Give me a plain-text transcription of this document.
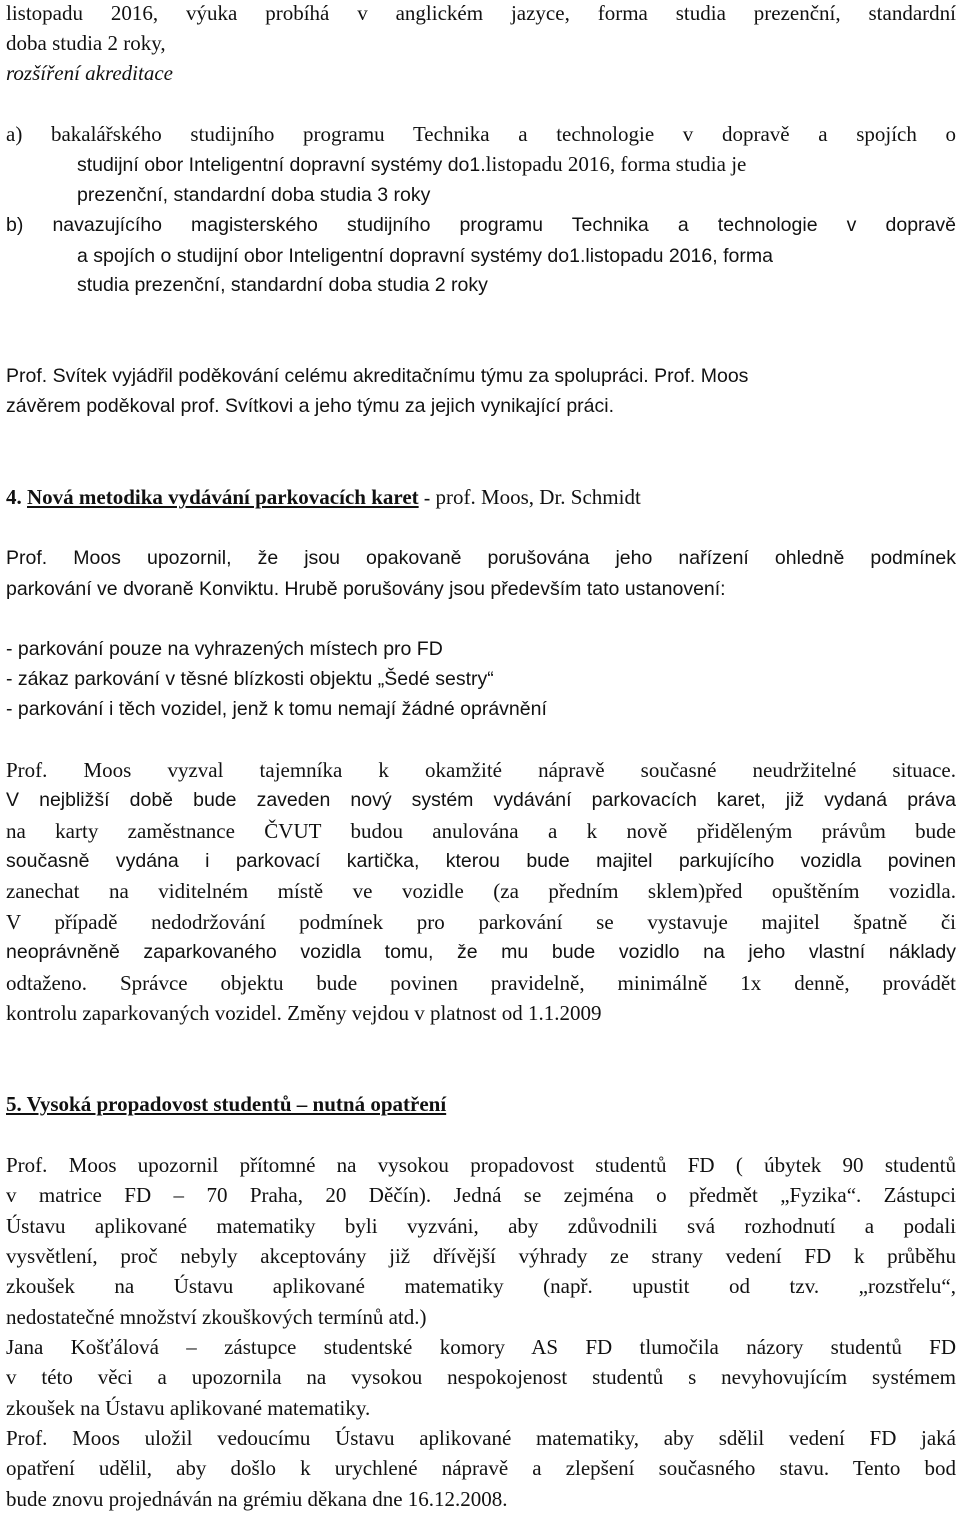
listopadu 2016, výuka probíhá v anglickém jazyce, forma studia prezenční, standardní
doba studia 2 roky,
rozšíření akreditace
a) bakalářského studijního programu Technika a technologie v dopravě a spojích o
studijní obor Inteligentní dopravní systémy do1.listopadu 2016, forma studia je
prezenční, standardní doba studia 3 roky
b) navazujícího magisterského studijního programu Technika a technologie v dopravě
a spojích o studijní obor Inteligentní dopravní systémy do1.listopadu 2016, forma
studia prezenční, standardní doba studia 2 roky
Prof. Svítek vyjádřil poděkování celému akreditačnímu týmu za spolupráci. Prof. Moos
závěrem poděkoval prof. Svítkovi a jeho týmu za jejich vynikající práci.
4. Nová metodika vydávání parkovacích karet - prof. Moos, Dr. Schmidt
Prof. Moos upozornil, že jsou opakovaně porušována jeho nařízení ohledně podmínek
parkování ve dvoraně Konviktu. Hrubě porušovány jsou především tato ustanovení:
- parkování pouze na vyhrazených místech pro FD
- zákaz parkování v těsné blízkosti objektu „Šedé sestry“
- parkování i těch vozidel, jenž k tomu nemají žádné oprávnění
Prof. Moos vyzval tajemníka k okamžité nápravě současné neudržitelné situace.
V nejbližší době bude zaveden nový systém vydávání parkovacích karet, již vydaná práva
na karty zaměstnance ČVUT budou anulována a k nově přiděleným právům bude
současně vydána i parkovací kartička, kterou bude majitel parkujícího vozidla povinen
zanechat na viditelném místě ve vozidle (za předním sklem)před opuštěním vozidla.
V případě nedodržování podmínek pro parkování se vystavuje majitel špatně či
neoprávněně zaparkovaného vozidla tomu, že mu bude vozidlo na jeho vlastní náklady
odtaženo. Správce objektu bude povinen pravidelně, minimálně 1x denně, provádět
kontrolu zaparkovaných vozidel. Změny vejdou v platnost od 1.1.2009
5. Vysoká propadovost studentů – nutná opatření
Prof. Moos upozornil přítomné na vysokou propadovost studentů FD ( úbytek 90 studentů
v matrice FD – 70 Praha, 20 Děčín). Jedná se zejména o předmět „Fyzika“. Zástupci
Ústavu aplikované matematiky byli vyzváni, aby zdůvodnili svá rozhodnutí a podali
vysvětlení, proč nebyly akceptovány již dřívější výhrady ze strany vedení FD k průběhu
zkoušek na Ústavu aplikované matematiky (např. upustit od tzv. „rozstřelu“,
nedostatečné množství zkouškových termínů atd.)
Jana Košťálová – zástupce studentské komory AS FD tlumočila názory studentů FD
v této věci a upozornila na vysokou nespokojenost studentů s nevyhovujícím systémem
zkoušek na Ústavu aplikované matematiky.
Prof. Moos uložil vedoucímu Ústavu aplikované matematiky, aby sdělil vedení FD jaká
opatření udělil, aby došlo k urychlené nápravě a zlepšení současného stavu. Tento bod
bude znovu projednáván na grémiu děkana dne 16.12.2008.
